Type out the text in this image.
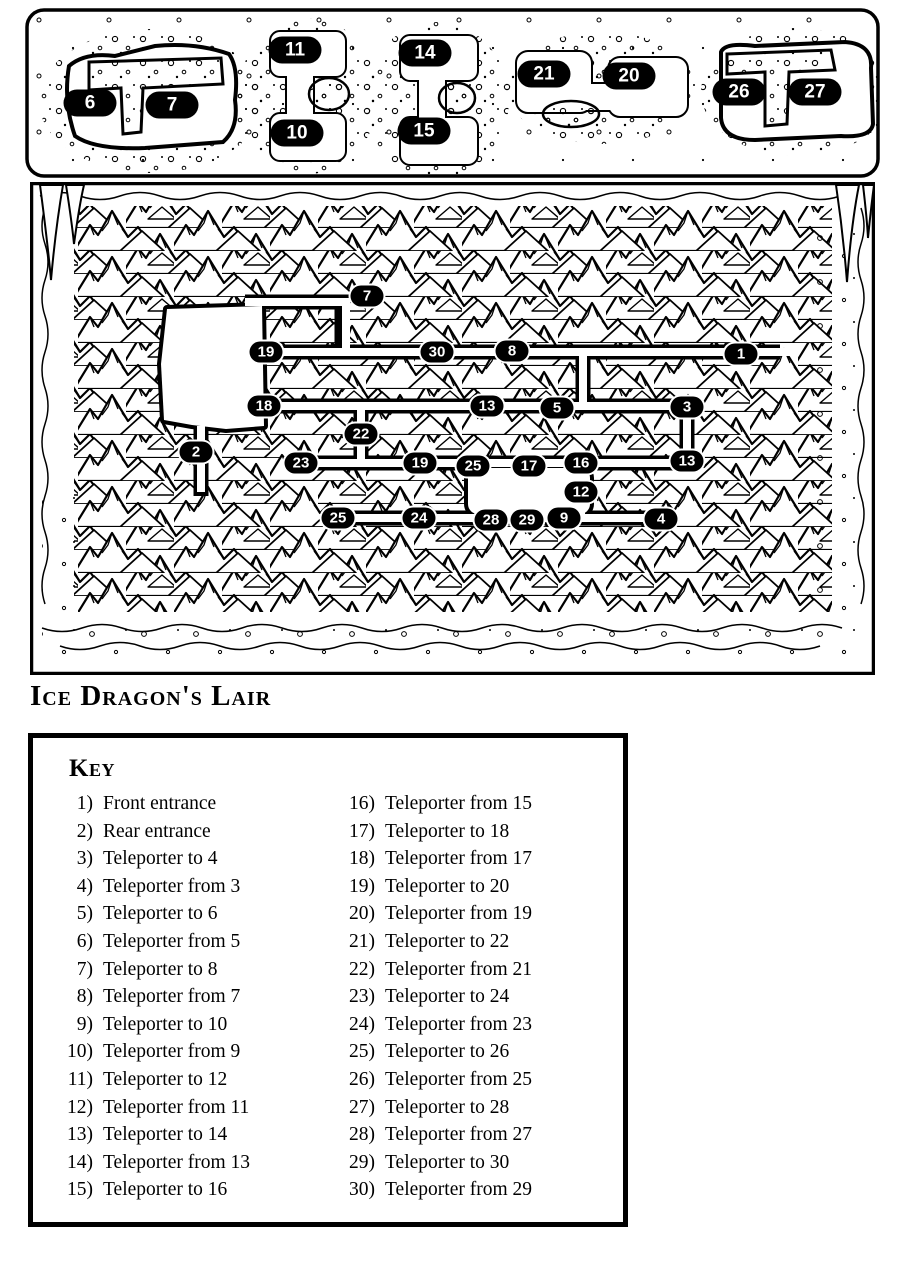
6	7
11
10
14
15
21	20
26	27
7
19	30	8	1
18	13	5	3
22
2
23	19	25	17	16	13
12
25	24	28	29	9	4
Ice Dragon's Lair
Key
1) Front entrance
2) Rear entrance
3) Teleporter to 4
4) Teleporter from 3
5) Teleporter to 6
6) Teleporter from 5
7) Teleporter to 8
8) Teleporter from 7
9) Teleporter to 10
10) Teleporter from 9
11) Teleporter to 12
12) Teleporter from 11
13) Teleporter to 14
14) Teleporter from 13
15) Teleporter to 16
16) Teleporter from 15
17) Teleporter to 18
18) Teleporter from 17
19) Teleporter to 20
20) Teleporter from 19
21) Teleporter to 22
22) Teleporter from 21
23) Teleporter to 24
24) Teleporter from 23
25) Teleporter to 26
26) Teleporter from 25
27) Teleporter to 28
28) Teleporter from 27
29) Teleporter to 30
30) Teleporter from 29
